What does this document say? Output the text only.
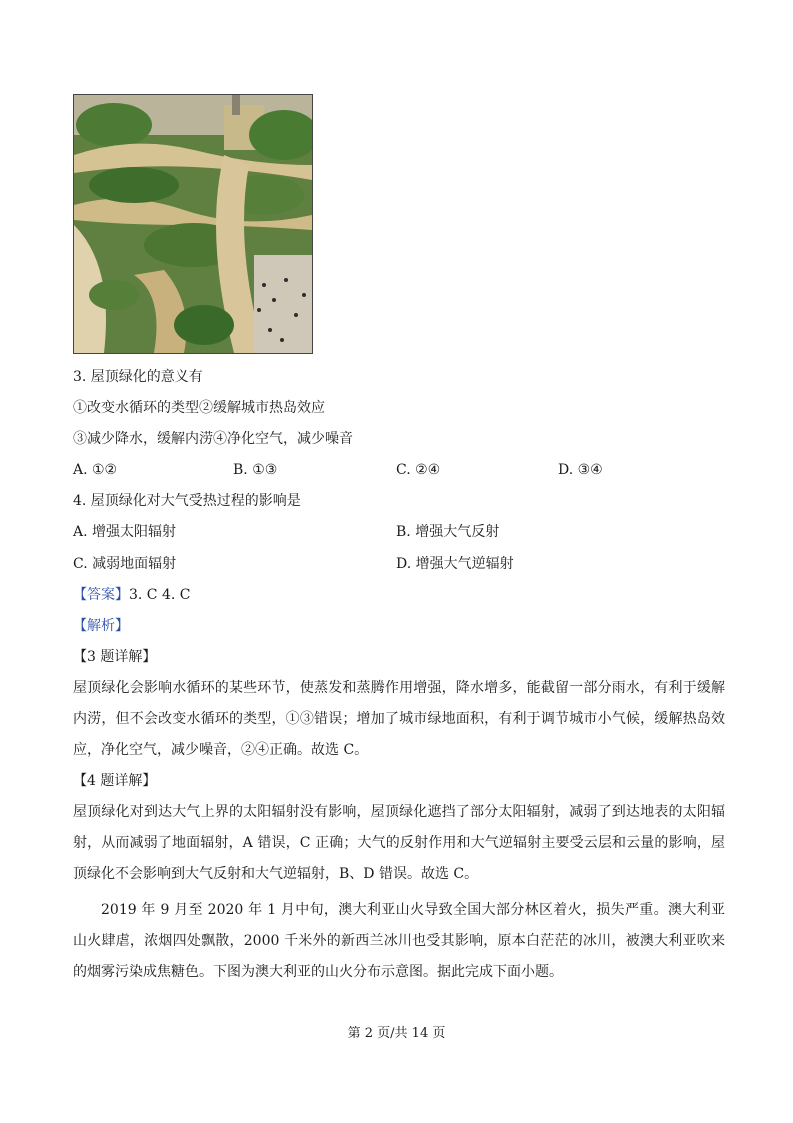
3. 屋顶绿化的意义有
①改变水循环的类型②缓解城市热岛效应
③减少降水，缓解内涝④净化空气，减少噪音
A. ①②	B. ①③	C. ②④	D. ③④
4. 屋顶绿化对大气受热过程的影响是
A. 增强太阳辐射	B. 增强大气反射
C. 减弱地面辐射	D. 增强大气逆辐射
【答案】3. C 4. C
【解析】
【3 题详解】
屋顶绿化会影响水循环的某些环节，使蒸发和蒸腾作用增强，降水增多，能截留一部分雨水，有利于缓解内涝，但不会改变水循环的类型，①③错误；增加了城市绿地面积，有利于调节城市小气候，缓解热岛效应，净化空气，减少噪音，②④正确。故选 C。
【4 题详解】
屋顶绿化对到达大气上界的太阳辐射没有影响，屋顶绿化遮挡了部分太阳辐射，减弱了到达地表的太阳辐射，从而减弱了地面辐射，A 错误，C 正确；大气的反射作用和大气逆辐射主要受云层和云量的影响，屋顶绿化不会影响到大气反射和大气逆辐射，B、D 错误。故选 C。
2019 年 9 月至 2020 年 1 月中旬，澳大利亚山火导致全国大部分林区着火，损失严重。澳大利亚山火肆虐，浓烟四处飘散，2000 千米外的新西兰冰川也受其影响，原本白茫茫的冰川，被澳大利亚吹来的烟雾污染成焦糖色。下图为澳大利亚的山火分布示意图。据此完成下面小题。
第 2 页/共 14 页
